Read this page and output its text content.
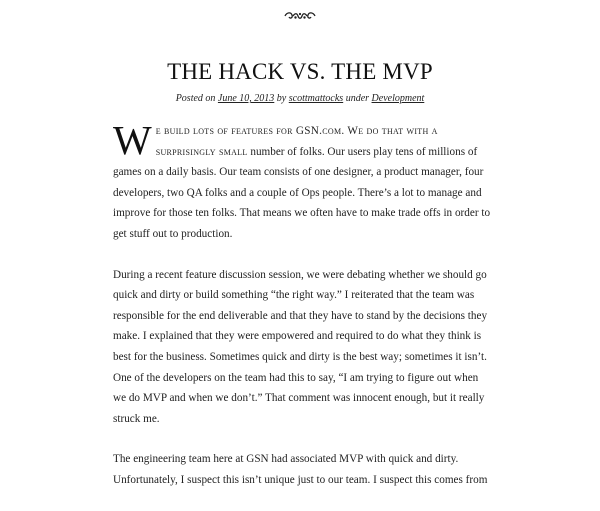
THE HACK VS. THE MVP
Posted on June 10, 2013 by scottmattocks under Development

We build lots of features for GSN.com. We do that with a surprisingly small number of folks. Our users play tens of millions of games on a daily basis. Our team consists of one designer, a product manager, four developers, two QA folks and a couple of Ops people. There’s a lot to manage and improve for those ten folks. That means we often have to make trade offs in order to get stuff out to production.

During a recent feature discussion session, we were debating whether we should go quick and dirty or build something “the right way.” I reiterated that the team was responsible for the end deliverable and that they have to stand by the decisions they make. I explained that they were empowered and required to do what they think is best for the business. Sometimes quick and dirty is the best way; sometimes it isn’t. One of the developers on the team had this to say, “I am trying to figure out when we do MVP and when we don’t.” That comment was innocent enough, but it really struck me.

The engineering team here at GSN had associated MVP with quick and dirty. Unfortunately, I suspect this isn’t unique just to our team. I suspect this comes from
